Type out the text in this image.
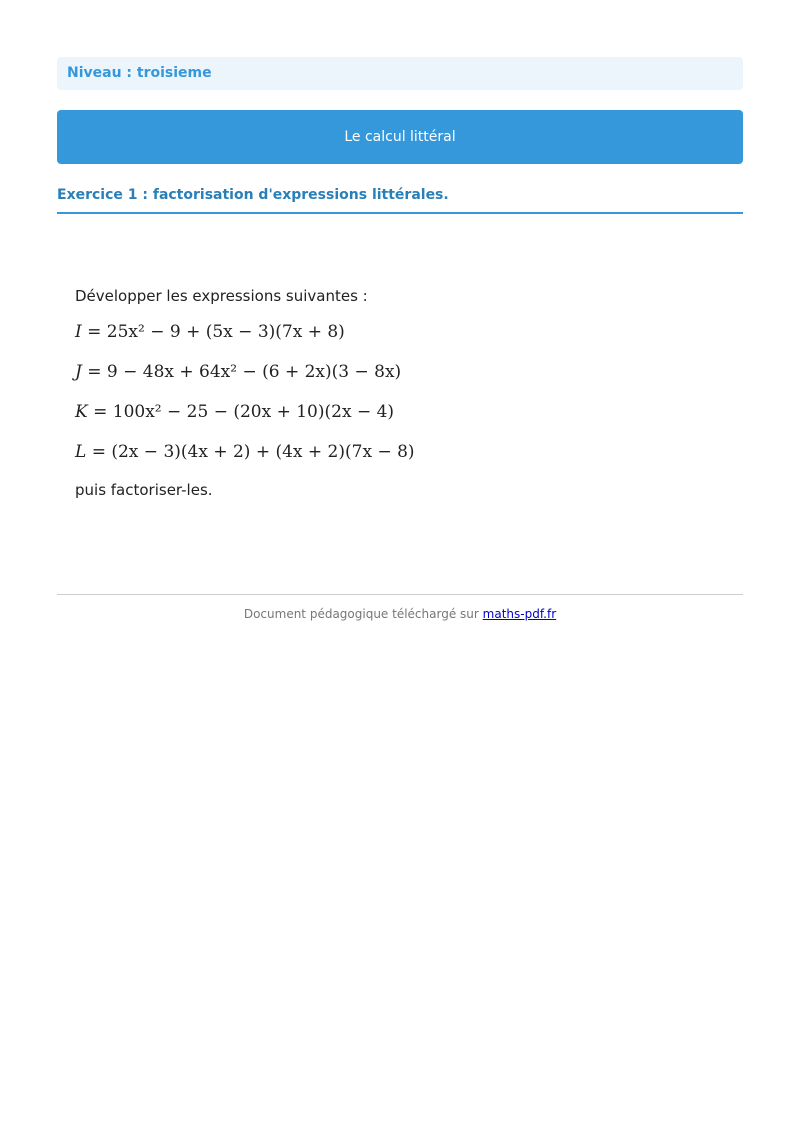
Niveau : troisieme
Le calcul littéral
Exercice 1 : factorisation d'expressions littérales.

Développer les expressions suivantes :

I = 25x² − 9 + (5x − 3)(7x + 8)
J = 9 − 48x + 64x² − (6 + 2x)(3 − 8x)
K = 100x² − 25 − (20x + 10)(2x − 4)
L = (2x − 3)(4x + 2) + (4x + 2)(7x − 8)

puis factoriser-les.

Document pédagogique téléchargé sur maths-pdf.fr
